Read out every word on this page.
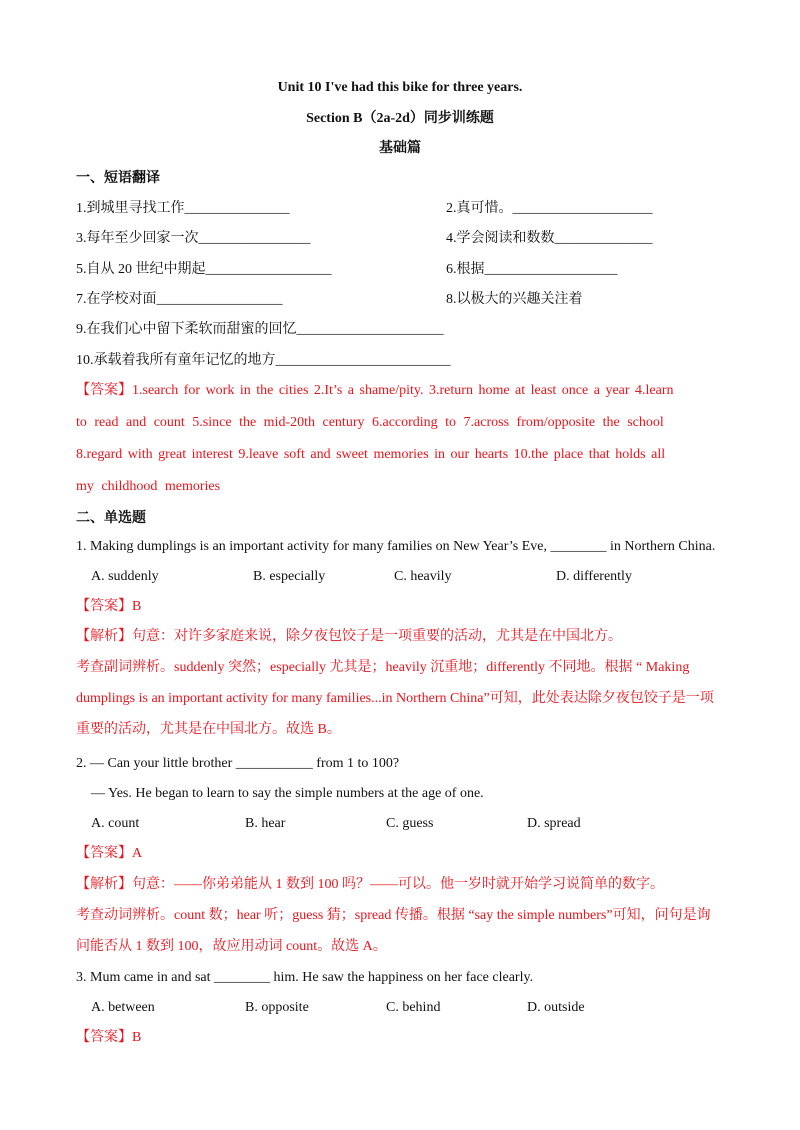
Unit 10 I've had this bike for three years.
Section B（2a-2d）同步训练题
基础篇
一、短语翻译
1.到城里寻找工作_______________	2.真可惜。____________________
3.每年至少回家一次________________	4.学会阅读和数数______________
5.自从 20 世纪中期起__________________	6.根据___________________
7.在学校对面__________________	8.以极大的兴趣关注着
9.在我们心中留下柔软而甜蜜的回忆_____________________
10.承载着我所有童年记忆的地方_________________________
【答案】1.search for work in the cities 2.It’s a shame/pity. 3.return home at least once a year 4.learn
to read and count 5.since the mid-20th century 6.according to 7.across from/opposite the school
8.regard with great interest 9.leave soft and sweet memories in our hearts 10.the place that holds all
my childhood memories
二、单选题
1. Making dumplings is an important activity for many families on New Year’s Eve, ________ in Northern China.
A. suddenly	B. especially	C. heavily	D. differently
【答案】B
【解析】句意：对许多家庭来说，除夕夜包饺子是一项重要的活动，尤其是在中国北方。
考查副词辨析。suddenly 突然；especially 尤其是；heavily 沉重地；differently 不同地。根据 “ Making
dumplings is an important activity for many families...in Northern China”可知，此处表达除夕夜包饺子是一项
重要的活动，尤其是在中国北方。故选 B。
2. — Can your little brother ___________ from 1 to 100?
— Yes. He began to learn to say the simple numbers at the age of one.
A. count	B. hear	C. guess	D. spread
【答案】A
【解析】句意：——你弟弟能从 1 数到 100 吗？——可以。他一岁时就开始学习说简单的数字。
考查动词辨析。count 数；hear 听；guess 猜；spread 传播。根据 “say the simple numbers”可知，问句是询
问能否从 1 数到 100，故应用动词 count。故选 A。
3. Mum came in and sat ________ him. He saw the happiness on her face clearly.
A. between	B. opposite	C. behind	D. outside
【答案】B
